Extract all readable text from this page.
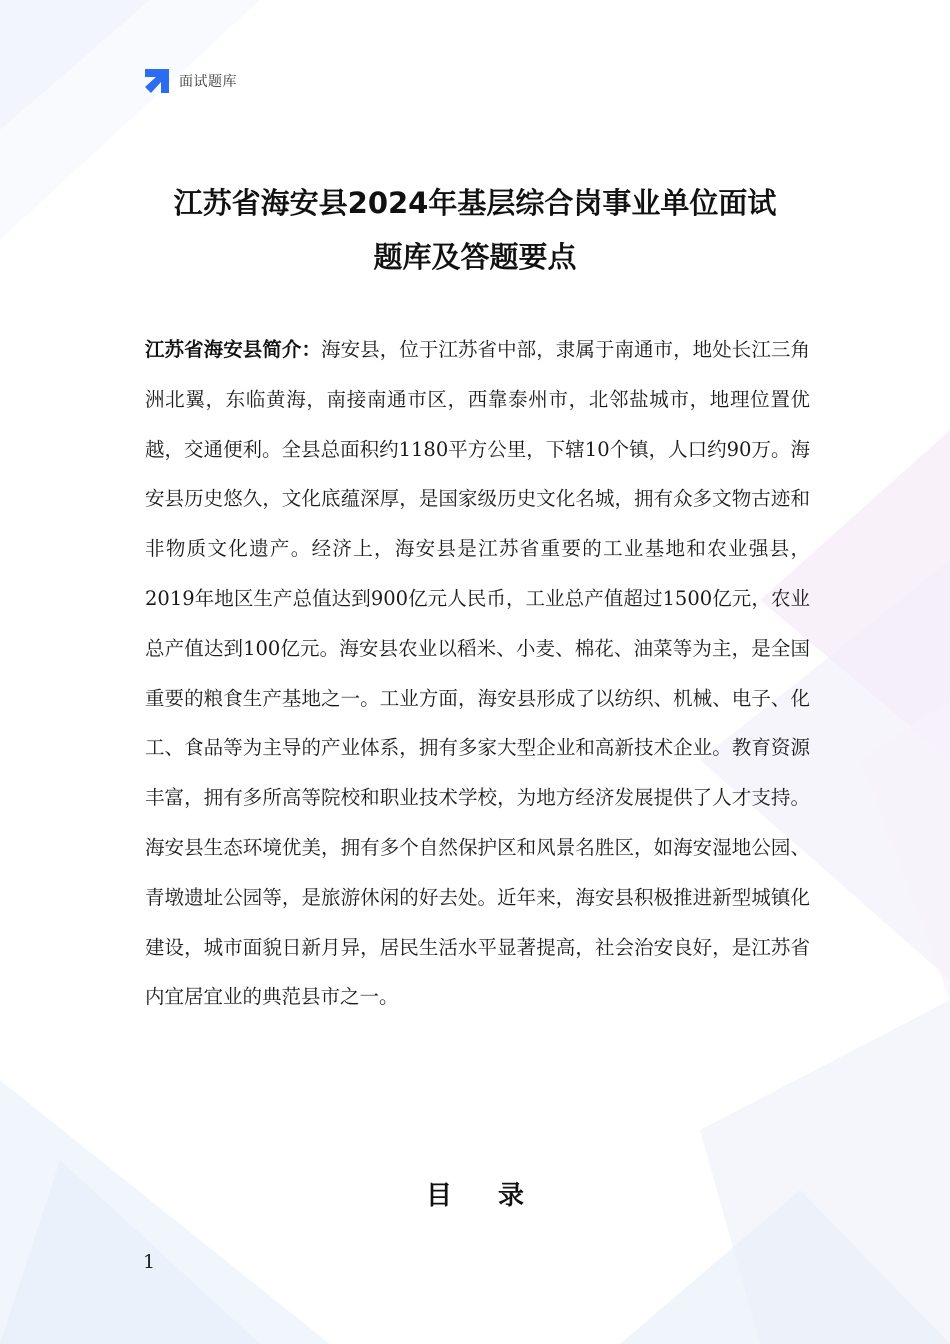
面试题库
江苏省海安县2024年基层综合岗事业单位面试
题库及答题要点

江苏省海安县简介：海安县，位于江苏省中部，隶属于南通市，地处长江三角洲北翼，东临黄海，南接南通市区，西靠泰州市，北邻盐城市，地理位置优越，交通便利。全县总面积约1180平方公里，下辖10个镇，人口约90万。海安县历史悠久，文化底蕴深厚，是国家级历史文化名城，拥有众多文物古迹和非物质文化遗产。经济上，海安县是江苏省重要的工业基地和农业强县，2019年地区生产总值达到900亿元人民币，工业总产值超过1500亿元，农业总产值达到100亿元。海安县农业以稻米、小麦、棉花、油菜等为主，是全国重要的粮食生产基地之一。工业方面，海安县形成了以纺织、机械、电子、化工、食品等为主导的产业体系，拥有多家大型企业和高新技术企业。教育资源丰富，拥有多所高等院校和职业技术学校，为地方经济发展提供了人才支持。海安县生态环境优美，拥有多个自然保护区和风景名胜区，如海安湿地公园、青墩遗址公园等，是旅游休闲的好去处。近年来，海安县积极推进新型城镇化建设，城市面貌日新月异，居民生活水平显著提高，社会治安良好，是江苏省内宜居宜业的典范县市之一。

目录
1
